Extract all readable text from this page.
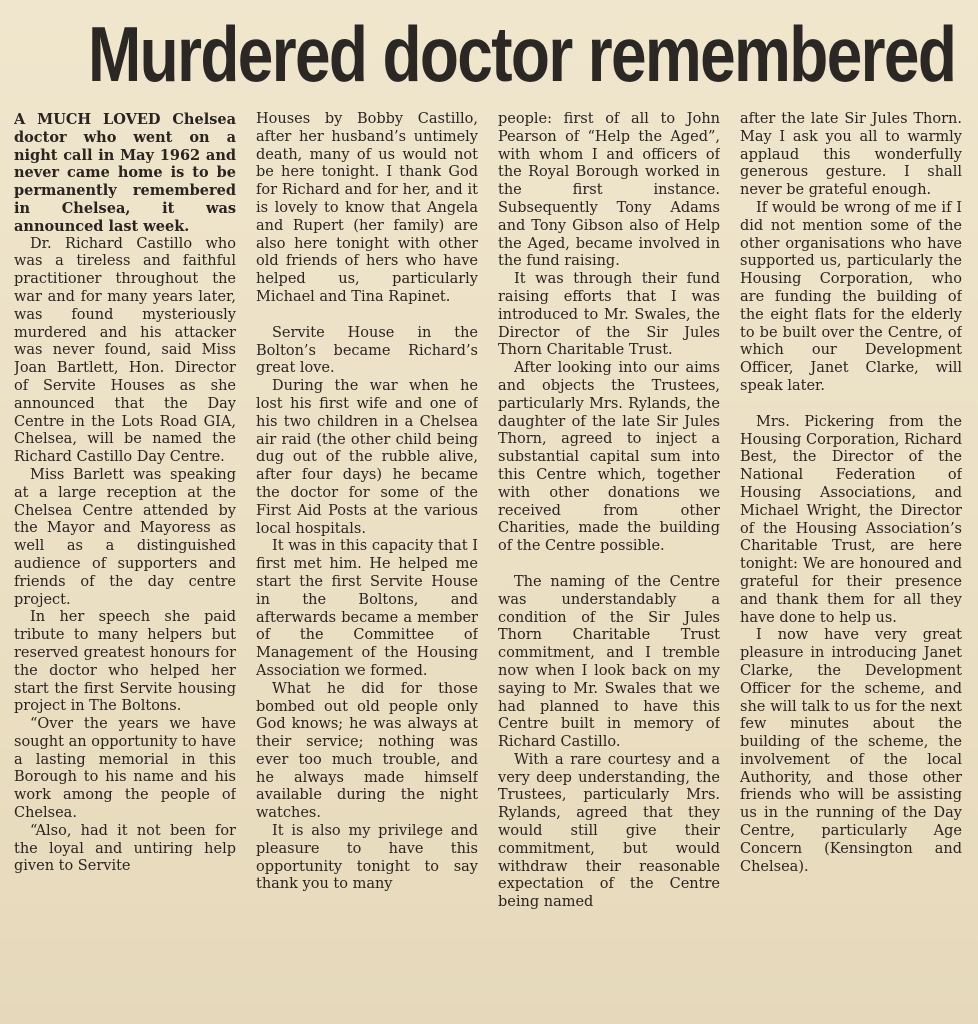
Murdered doctor remembered

A MUCH LOVED Chelsea doctor who went on a night call in May 1962 and never came home is to be permanently remembered in Chelsea, it was announced last week.

Dr. Richard Castillo who was a tireless and faithful practitioner throughout the war and for many years later, was found mysteriously murdered and his attacker was never found, said Miss Joan Bartlett, Hon. Director of Servite Houses as she announced that the Day Centre in the Lots Road GIA, Chelsea, will be named the Richard Castillo Day Centre.

Miss Barlett was speaking at a large reception at the Chelsea Centre attended by the Mayor and Mayoress as well as a distinguished audience of supporters and friends of the day centre project.

In her speech she paid tribute to many helpers but reserved greatest honours for the doctor who helped her start the first Servite housing project in The Boltons.

“Over the years we have sought an opportunity to have a lasting memorial in this Borough to his name and his work among the people of Chelsea.

“Also, had it not been for the loyal and untiring help given to Servite

Houses by Bobby Castillo, after her husband’s untimely death, many of us would not be here tonight. I thank God for Richard and for her, and it is lovely to know that Angela and Rupert (her family) are also here tonight with other old friends of hers who have helped us, particularly Michael and Tina Rapinet.

Servite House in the Bolton’s became Richard’s great love.

During the war when he lost his first wife and one of his two children in a Chelsea air raid (the other child being dug out of the rubble alive, after four days) he became the doctor for some of the First Aid Posts at the various local hospitals.

It was in this capacity that I first met him. He helped me start the first Servite House in the Boltons, and afterwards became a member of the Committee of Management of the Housing Association we formed.

What he did for those bombed out old people only God knows; he was always at their service; nothing was ever too much trouble, and he always made himself available during the night watches.

It is also my privilege and pleasure to have this opportunity tonight to say thank you to many

people: first of all to John Pearson of “Help the Aged”, with whom I and officers of the Royal Borough worked in the first instance. Subsequently Tony Adams and Tony Gibson also of Help the Aged, became involved in the fund raising.

It was through their fund raising efforts that I was introduced to Mr. Swales, the Director of the Sir Jules Thorn Charitable Trust.

After looking into our aims and objects the Trustees, particularly Mrs. Rylands, the daughter of the late Sir Jules Thorn, agreed to inject a substantial capital sum into this Centre which, together with other donations we received from other Charities, made the building of the Centre possible.

The naming of the Centre was understandably a condition of the Sir Jules Thorn Charitable Trust commitment, and I tremble now when I look back on my saying to Mr. Swales that we had planned to have this Centre built in memory of Richard Castillo.

With a rare courtesy and a very deep understanding, the Trustees, particularly Mrs. Rylands, agreed that they would still give their commitment, but would withdraw their reasonable expectation of the Centre being named

after the late Sir Jules Thorn. May I ask you all to warmly applaud this wonderfully generous gesture. I shall never be grateful enough.

If would be wrong of me if I did not mention some of the other organisations who have supported us, particularly the Housing Corporation, who are funding the building of the eight flats for the elderly to be built over the Centre, of which our Development Officer, Janet Clarke, will speak later.

Mrs. Pickering from the Housing Corporation, Richard Best, the Director of the National Federation of Housing Associations, and Michael Wright, the Director of the Housing Association’s Charitable Trust, are here tonight: We are honoured and grateful for their presence and thank them for all they have done to help us.

I now have very great pleasure in introducing Janet Clarke, the Development Officer for the scheme, and she will talk to us for the next few minutes about the building of the scheme, the involvement of the local Authority, and those other friends who will be assisting us in the running of the Day Centre, particularly Age Concern (Kensington and Chelsea).
